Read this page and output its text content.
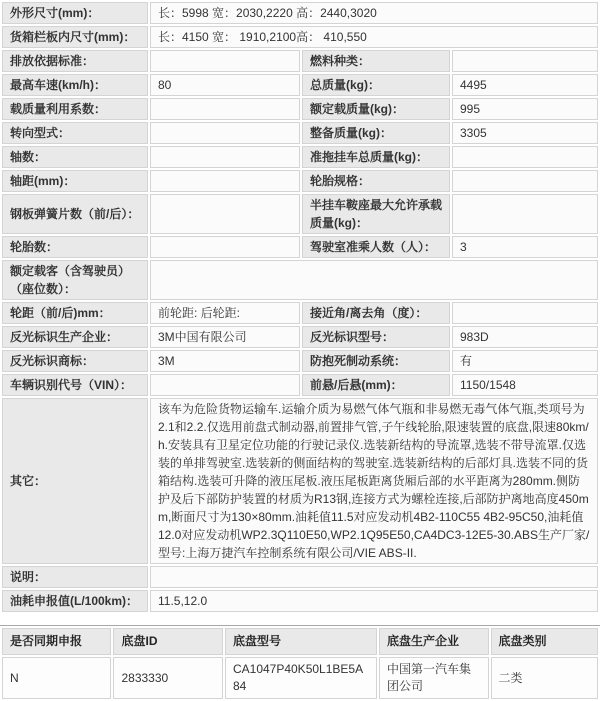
外形尺寸(mm)：	长：5998 宽：2030,2220 高：2440,3020		
货箱栏板内尺寸(mm)：	长：4150 宽： 1910,2100高： 410,550		
排放依据标准：		燃料种类：	
最高车速(km/h)：	80	总质量(kg)：	4495
载质量利用系数：		额定载质量(kg)：	995
转向型式：		整备质量(kg)：	3305
轴数：		准拖挂车总质量(kg)：	
轴距(mm)：		轮胎规格：	
钢板弹簧片数（前/后）：		半挂车鞍座最大允许承载质量(kg)：	
轮胎数：		驾驶室准乘人数（人）：	3
额定载客（含驾驶员）（座位数）：			
轮距（前/后)mm：	前轮距: 后轮距:	接近角/离去角（度）：	
反光标识生产企业：	3M中国有限公司	反光标识型号：	983D
反光标识商标：	3M	防抱死制动系统：	有
车辆识别代号（VIN）：		前悬/后悬(mm)：	1150/1548
其它：	该车为危险货物运输车.运输介质为易燃气体气瓶和非易燃无毒气体气瓶,类项号为2.1和2.2.仅选用前盘式制动器,前置排气管,子午线轮胎,限速装置的底盘,限速80km/h.安装具有卫星定位功能的行驶记录仪.选装新结构的导流罩,选装不带导流罩.仅选装的单排驾驶室.选装新的侧面结构的驾驶室.选装新结构的后部灯具.选装不同的货箱结构.选装可升降的液压尾板.液压尾板距离货厢后部的水平距离为280mm.侧防护及后下部防护装置的材质为R13钢,连接方式为螺栓连接,后部防护离地高度450mm,断面尺寸为130×80mm.油耗值11.5对应发动机4B2-110C55 4B2-95C50,油耗值12.0对应发动机WP2.3Q110E50,WP2.1Q95E50,CA4DC3-12E5-30.ABS生产厂家/型号:上海万捷汽车控制系统有限公司/VIE ABS-II.		
说明：			
油耗申报值(L/100km)：	11.5,12.0		
是否同期申报	底盘ID	底盘型号	底盘生产企业	底盘类别
N	2833330	CA1047P40K50L1BE5A84	中国第一汽车集团公司	二类
